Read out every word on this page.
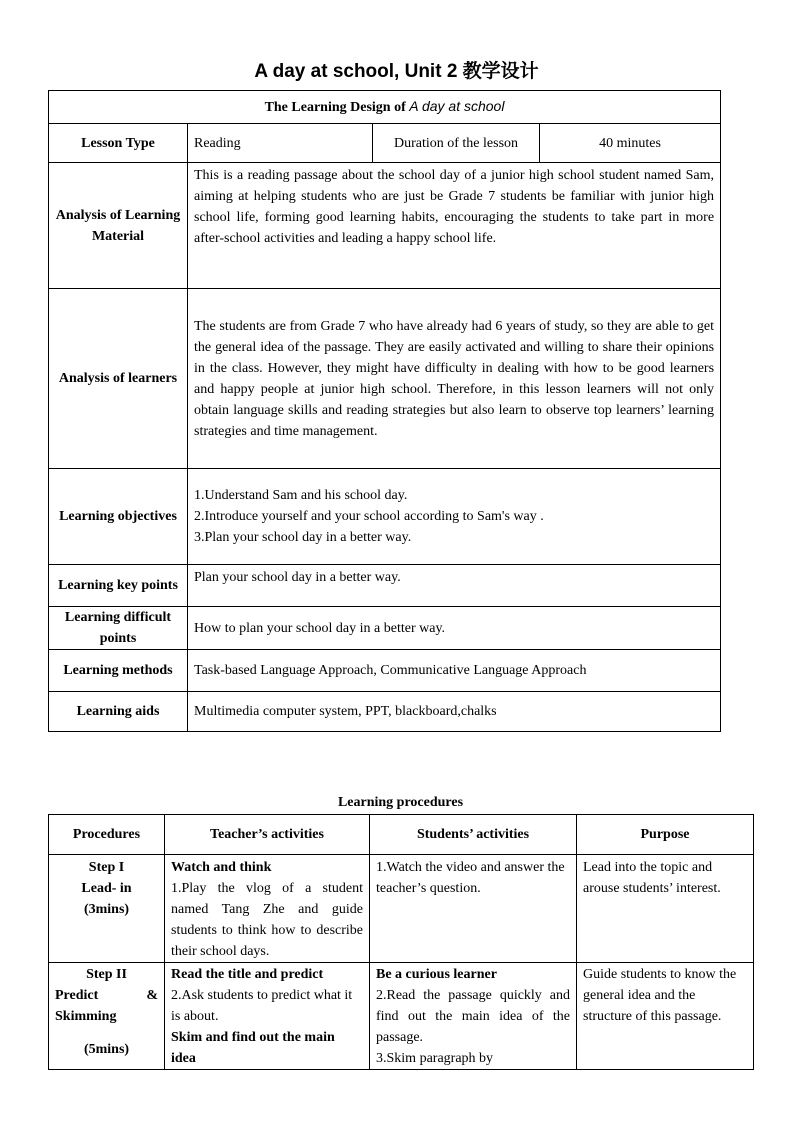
A day at school, Unit 2 教学设计
The Learning Design of A day at school			
Lesson Type	Reading	Duration of the lesson	40 minutes
Analysis of Learning Material	This is a reading passage about the school day of a junior high school student named Sam, aiming at helping students who are just be Grade 7 students be familiar with junior high school life, forming good learning habits, encouraging the students to take part in more after-school activities and leading a happy school life.		
Analysis of learners	The students are from Grade 7 who have already had 6 years of study, so they are able to get the general idea of the passage. They are easily activated and willing to share their opinions in the class. However, they might have difficulty in dealing with how to be good learners and happy people at junior high school. Therefore, in this lesson learners will not only obtain language skills and reading strategies but also learn to observe top learners’ learning strategies and time management.		
Learning objectives	1.Understand Sam and his school day.
2.Introduce yourself and your school according to Sam's way .
3.Plan your school day in a better way.		

Learning key points	Plan your school day in a better way.		
Learning difficult points	How to plan your school day in a better way.		
Learning methods	Task-based Language Approach, Communicative Language Approach		
Learning aids	Multimedia computer system, PPT, blackboard,chalks		
Learning procedures
Procedures	Teacher’s activities	Students’ activities	Purpose

Step I
Lead- in
(3mins)	Watch and think
1.Play the vlog of a student named Tang Zhe and guide students to think how to describe their school days.	1.Watch the video and answer the teacher’s question.	Lead into the topic and arouse students’ interest.

Step II
Predict &
Skimming
(5mins)	Read the title and predict
2.Ask students to predict what it is about.
Skim and find out the main idea	Be a curious learner
2.Read the passage quickly and find out the main idea of the passage.
3.Skim paragraph by	Guide students to know the general idea and the structure of this passage.
